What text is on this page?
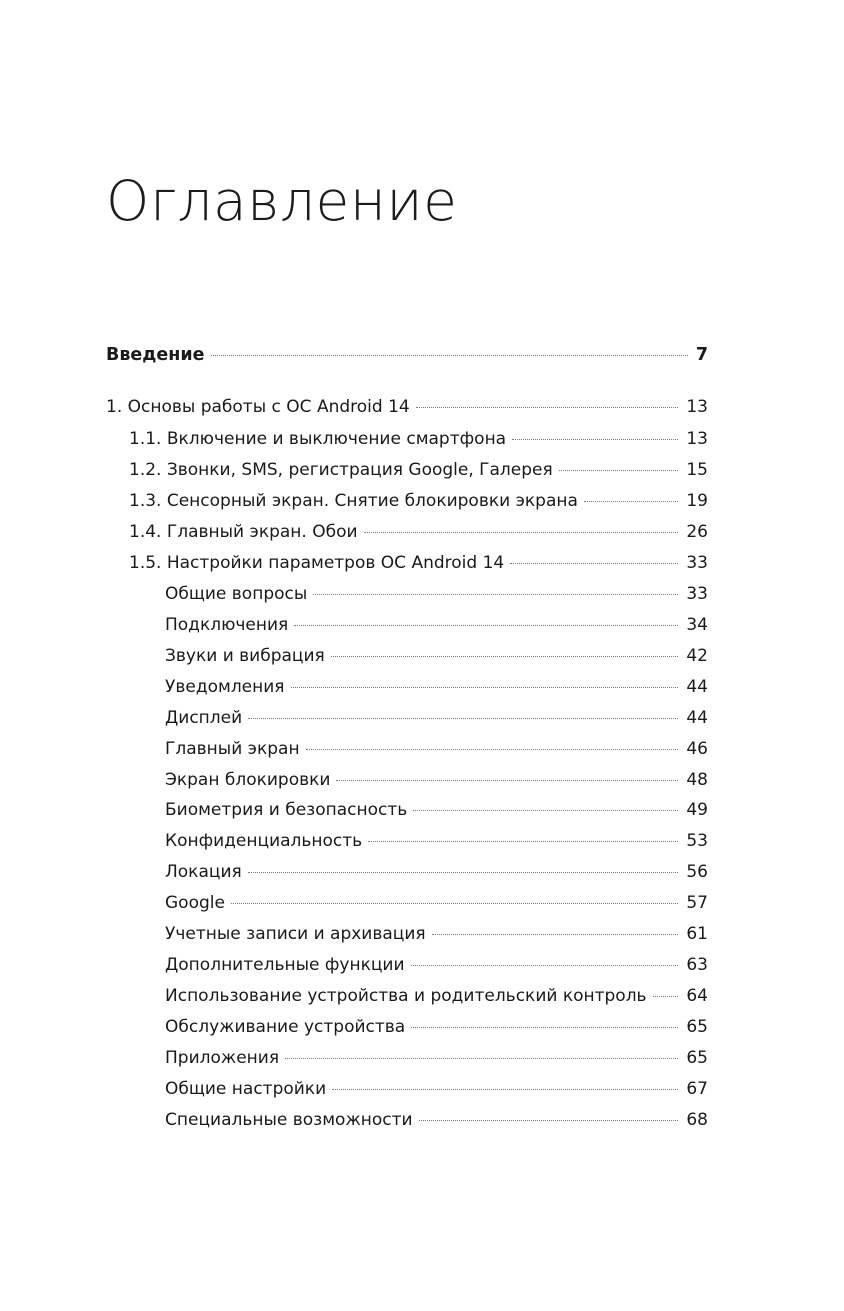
Оглавление
Введение	7
1. Основы работы с ОС Android 14	13
1.1. Включение и выключение смартфона	13
1.2. Звонки, SMS, регистрация Google, Галерея	15
1.3. Сенсорный экран. Снятие блокировки экрана	19
1.4. Главный экран. Обои	26
1.5. Настройки параметров ОС Android 14	33
Общие вопросы	33
Подключения	34
Звуки и вибрация	42
Уведомления	44
Дисплей	44
Главный экран	46
Экран блокировки	48
Биометрия и безопасность	49
Конфиденциальность	53
Локация	56
Google	57
Учетные записи и архивация	61
Дополнительные функции	63
Использование устройства и родительский контроль	64
Обслуживание устройства	65
Приложения	65
Общие настройки	67
Специальные возможности	68
